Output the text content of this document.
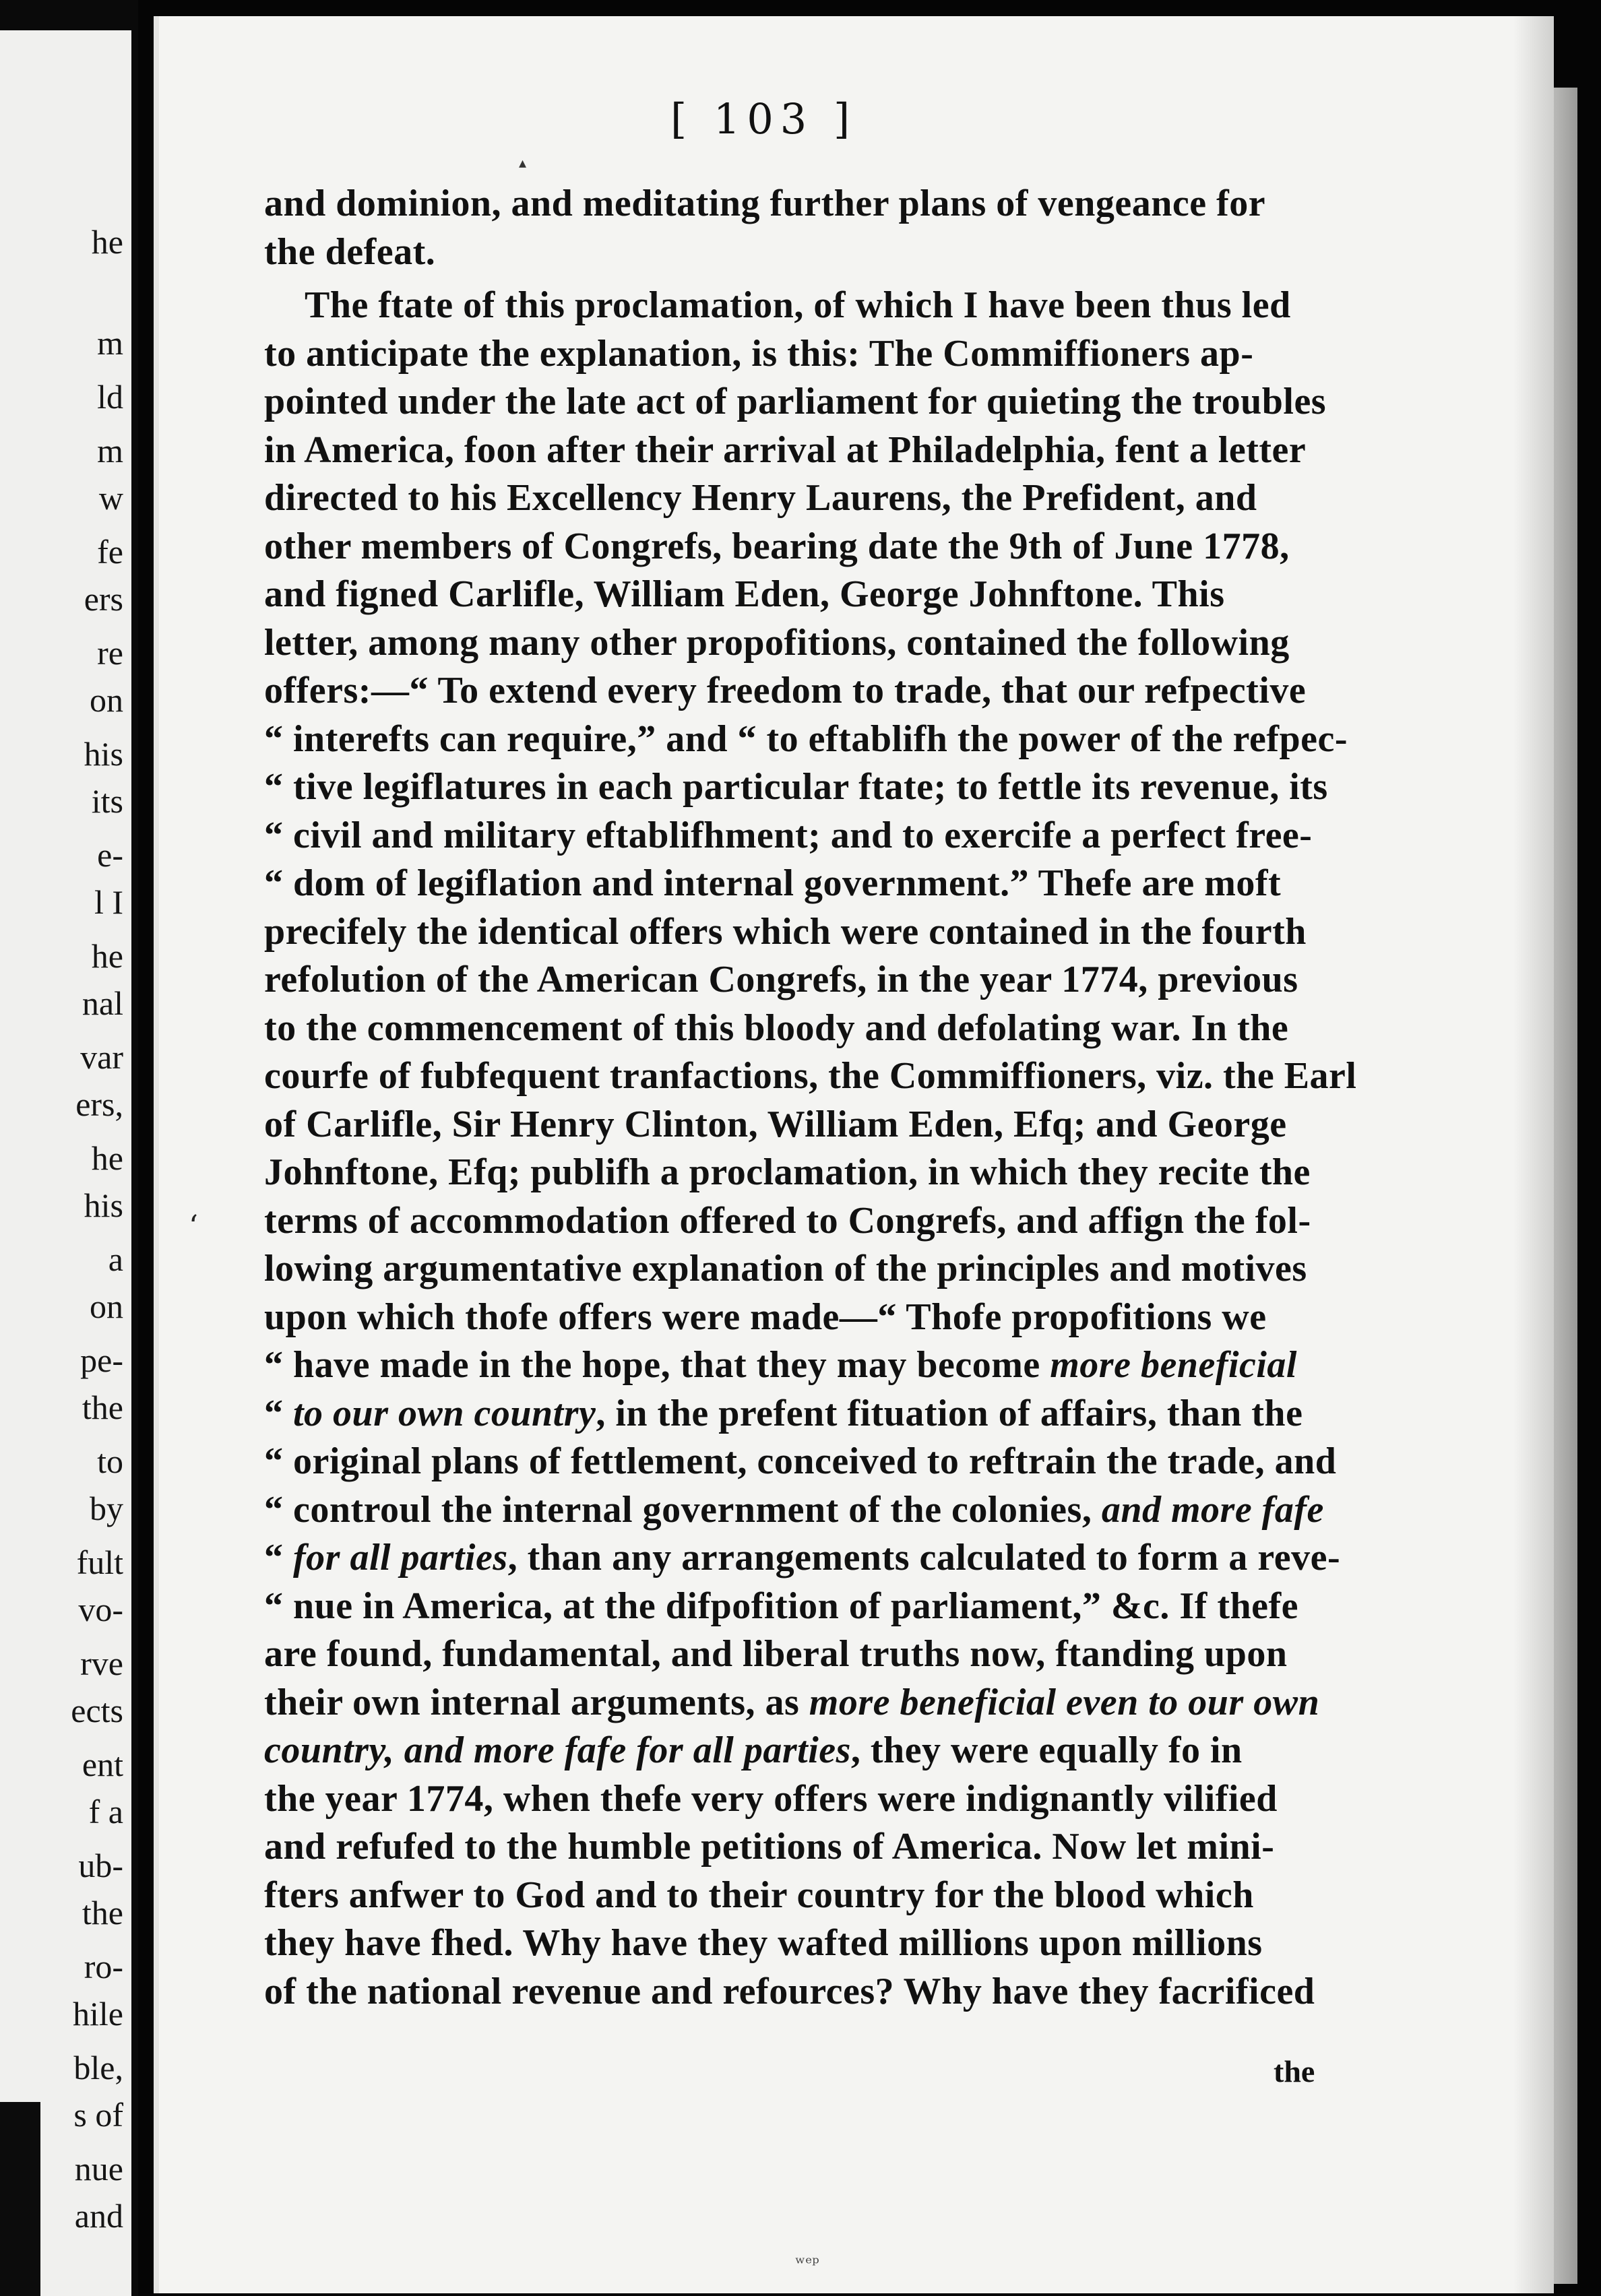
he
m
ld
m
w
fe
ers
re
on
his
its
e-
l I
he
nal
var
ers,
he
his
a
on
pe-
the
to
by
fult
vo-
rve
ects
ent
f a
ub-
the
ro-
hile
ble,
s of
nue
and
[ 103 ]
▴
ʻ
and dominion, and meditating further plans of vengeance for
the defeat.
The ftate of this proclamation, of which I have been thus led
to anticipate the explanation, is this: The Commiffioners ap-
pointed under the late act of parliament for quieting the troubles
in America, foon after their arrival at Philadelphia, fent a letter
directed to his Excellency Henry Laurens, the Prefident, and
other members of Congrefs, bearing date the 9th of June 1778,
and figned Carlifle, William Eden, George Johnftone. This
letter, among many other propofitions, contained the following
offers:—“ To extend every freedom to trade, that our refpective
“ interefts can require,” and “ to eftablifh the power of the refpec-
“ tive legiflatures in each particular ftate; to fettle its revenue, its
“ civil and military eftablifhment; and to exercife a perfect free-
“ dom of legiflation and internal government.” Thefe are moft
precifely the identical offers which were contained in the fourth
refolution of the American Congrefs, in the year 1774, previous
to the commencement of this bloody and defolating war. In the
courfe of fubfequent tranfactions, the Commiffioners, viz. the Earl
of Carlifle, Sir Henry Clinton, William Eden, Efq; and George
Johnftone, Efq; publifh a proclamation, in which they recite the
terms of accommodation offered to Congrefs, and affign the fol-
lowing argumentative explanation of the principles and motives
upon which thofe offers were made—“ Thofe propofitions we
“ have made in the hope, that they may become more beneficial
“ to our own country, in the prefent fituation of affairs, than the
“ original plans of fettlement, conceived to reftrain the trade, and
“ controul the internal government of the colonies, and more fafe
“ for all parties, than any arrangements calculated to form a reve-
“ nue in America, at the difpofition of parliament,” &c. If thefe
are found, fundamental, and liberal truths now, ftanding upon
their own internal arguments, as more beneficial even to our own
country, and more fafe for all parties, they were equally fo in
the year 1774, when thefe very offers were indignantly vilified
and refufed to the humble petitions of America. Now let mini-
fters anfwer to God and to their country for the blood which
they have fhed. Why have they wafted millions upon millions
of the national revenue and refources? Why have they facrificed
the
ʷᵉᵖ
